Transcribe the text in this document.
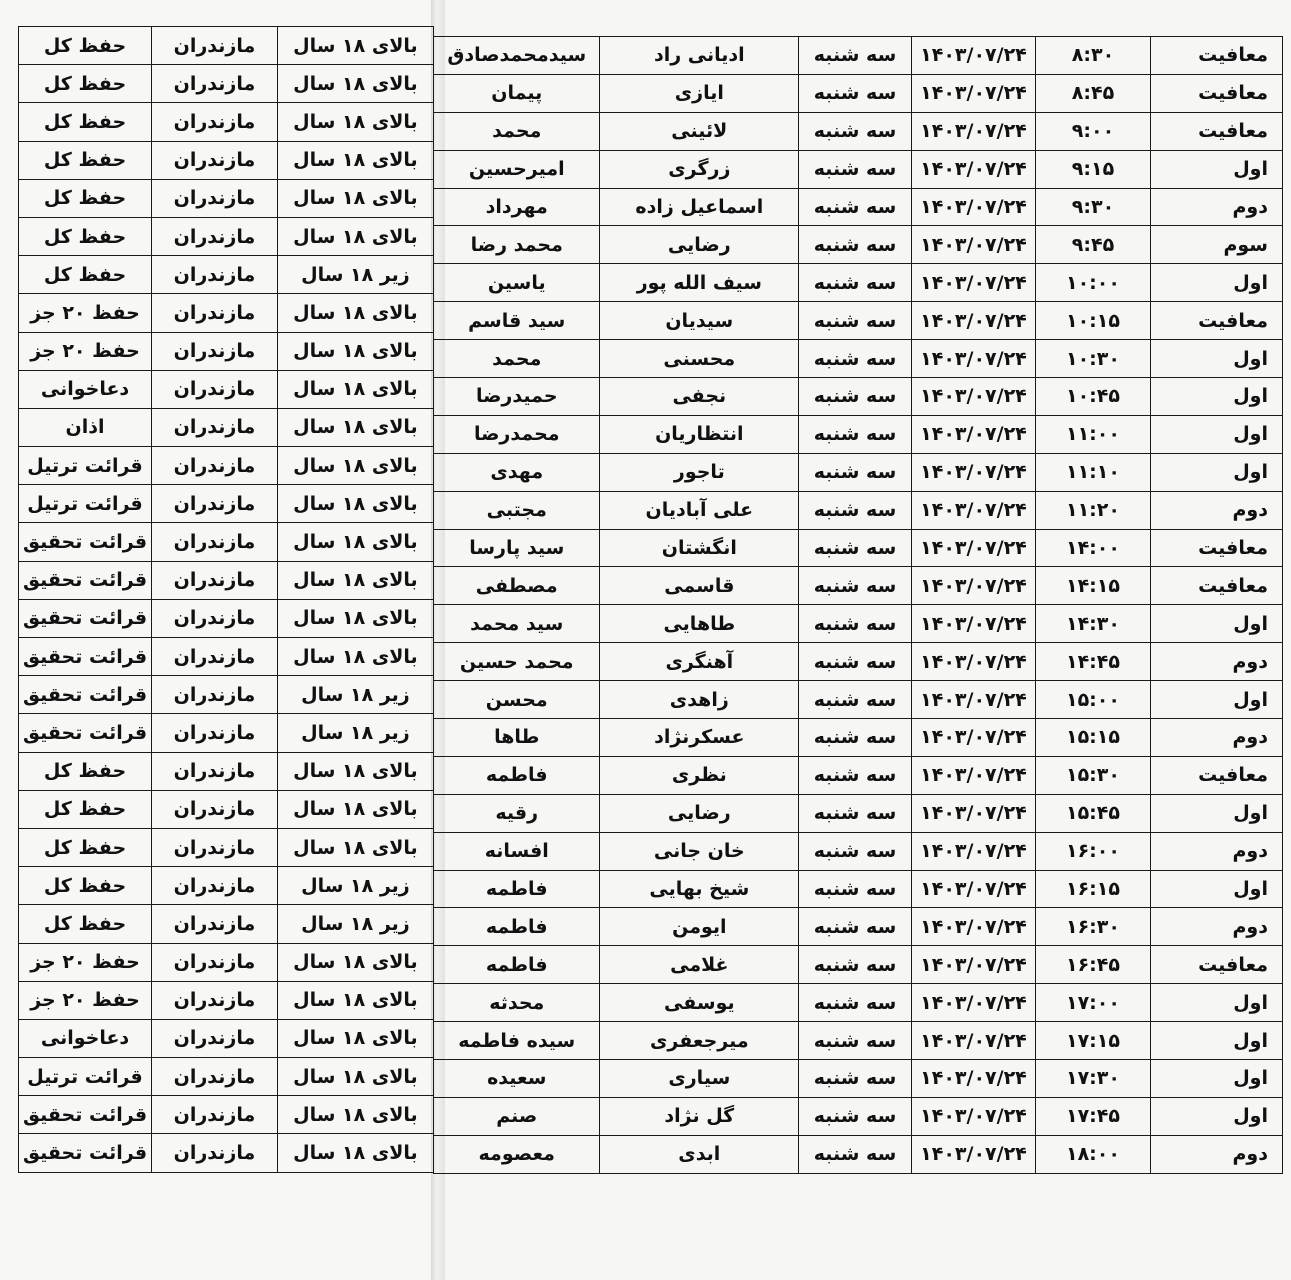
بالای ۱۸ سال	مازندران	حفظ کل
بالای ۱۸ سال	مازندران	حفظ کل
بالای ۱۸ سال	مازندران	حفظ کل
بالای ۱۸ سال	مازندران	حفظ کل
بالای ۱۸ سال	مازندران	حفظ کل
بالای ۱۸ سال	مازندران	حفظ کل
زیر ۱۸ سال	مازندران	حفظ کل
بالای ۱۸ سال	مازندران	حفظ ۲۰ جز
بالای ۱۸ سال	مازندران	حفظ ۲۰ جز
بالای ۱۸ سال	مازندران	دعاخوانی
بالای ۱۸ سال	مازندران	اذان
بالای ۱۸ سال	مازندران	قرائت ترتیل
بالای ۱۸ سال	مازندران	قرائت ترتیل
بالای ۱۸ سال	مازندران	قرائت تحقیق
بالای ۱۸ سال	مازندران	قرائت تحقیق
بالای ۱۸ سال	مازندران	قرائت تحقیق
بالای ۱۸ سال	مازندران	قرائت تحقیق
زیر ۱۸ سال	مازندران	قرائت تحقیق
زیر ۱۸ سال	مازندران	قرائت تحقیق
بالای ۱۸ سال	مازندران	حفظ کل
بالای ۱۸ سال	مازندران	حفظ کل
بالای ۱۸ سال	مازندران	حفظ کل
زیر ۱۸ سال	مازندران	حفظ کل
زیر ۱۸ سال	مازندران	حفظ کل
بالای ۱۸ سال	مازندران	حفظ ۲۰ جز
بالای ۱۸ سال	مازندران	حفظ ۲۰ جز
بالای ۱۸ سال	مازندران	دعاخوانی
بالای ۱۸ سال	مازندران	قرائت ترتیل
بالای ۱۸ سال	مازندران	قرائت تحقیق
بالای ۱۸ سال	مازندران	قرائت تحقیق
معافیت	۸:۳۰	۱۴۰۳/۰۷/۲۴	سه شنبه	ادیانی راد	سیدمحمدصادق
معافیت	۸:۴۵	۱۴۰۳/۰۷/۲۴	سه شنبه	ایازی	پیمان
معافیت	۹:۰۰	۱۴۰۳/۰۷/۲۴	سه شنبه	لائینی	محمد
اول	۹:۱۵	۱۴۰۳/۰۷/۲۴	سه شنبه	زرگری	امیرحسین
دوم	۹:۳۰	۱۴۰۳/۰۷/۲۴	سه شنبه	اسماعیل زاده	مهرداد
سوم	۹:۴۵	۱۴۰۳/۰۷/۲۴	سه شنبه	رضایی	محمد رضا
اول	۱۰:۰۰	۱۴۰۳/۰۷/۲۴	سه شنبه	سیف الله پور	یاسین
معافیت	۱۰:۱۵	۱۴۰۳/۰۷/۲۴	سه شنبه	سیدیان	سید قاسم
اول	۱۰:۳۰	۱۴۰۳/۰۷/۲۴	سه شنبه	محسنی	محمد
اول	۱۰:۴۵	۱۴۰۳/۰۷/۲۴	سه شنبه	نجفی	حمیدرضا
اول	۱۱:۰۰	۱۴۰۳/۰۷/۲۴	سه شنبه	انتظاریان	محمدرضا
اول	۱۱:۱۰	۱۴۰۳/۰۷/۲۴	سه شنبه	تاجور	مهدی
دوم	۱۱:۲۰	۱۴۰۳/۰۷/۲۴	سه شنبه	علی آبادیان	مجتبی
معافیت	۱۴:۰۰	۱۴۰۳/۰۷/۲۴	سه شنبه	انگشتان	سید پارسا
معافیت	۱۴:۱۵	۱۴۰۳/۰۷/۲۴	سه شنبه	قاسمی	مصطفی
اول	۱۴:۳۰	۱۴۰۳/۰۷/۲۴	سه شنبه	طاهایی	سید محمد
دوم	۱۴:۴۵	۱۴۰۳/۰۷/۲۴	سه شنبه	آهنگری	محمد حسین
اول	۱۵:۰۰	۱۴۰۳/۰۷/۲۴	سه شنبه	زاهدی	محسن
دوم	۱۵:۱۵	۱۴۰۳/۰۷/۲۴	سه شنبه	عسکرنژاد	طاها
معافیت	۱۵:۳۰	۱۴۰۳/۰۷/۲۴	سه شنبه	نظری	فاطمه
اول	۱۵:۴۵	۱۴۰۳/۰۷/۲۴	سه شنبه	رضایی	رقیه
دوم	۱۶:۰۰	۱۴۰۳/۰۷/۲۴	سه شنبه	خان جانی	افسانه
اول	۱۶:۱۵	۱۴۰۳/۰۷/۲۴	سه شنبه	شیخ بهایی	فاطمه
دوم	۱۶:۳۰	۱۴۰۳/۰۷/۲۴	سه شنبه	ایومن	فاطمه
معافیت	۱۶:۴۵	۱۴۰۳/۰۷/۲۴	سه شنبه	غلامی	فاطمه
اول	۱۷:۰۰	۱۴۰۳/۰۷/۲۴	سه شنبه	یوسفی	محدثه
اول	۱۷:۱۵	۱۴۰۳/۰۷/۲۴	سه شنبه	میرجعفری	سیده فاطمه
اول	۱۷:۳۰	۱۴۰۳/۰۷/۲۴	سه شنبه	سیاری	سعیده
اول	۱۷:۴۵	۱۴۰۳/۰۷/۲۴	سه شنبه	گل نژاد	صنم
دوم	۱۸:۰۰	۱۴۰۳/۰۷/۲۴	سه شنبه	ابدی	معصومه
